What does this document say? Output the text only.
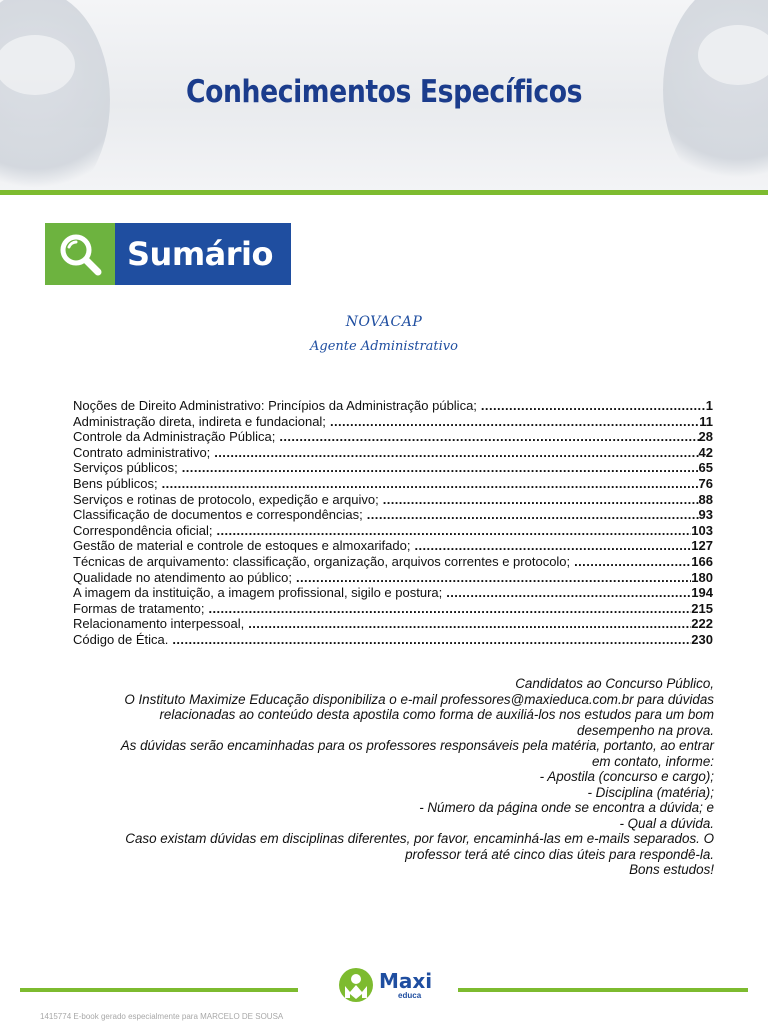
Conhecimentos Específicos
Sumário
NOVACAP
Agente Administrativo
Noções de Direito Administrativo: Princípios da Administração pública; .....	1
Administração direta, indireta e fundacional; .....	11
Controle da Administração Pública; .....	28
Contrato administrativo; .....	42
Serviços públicos; .....	65
Bens públicos; .....	76
Serviços e rotinas de protocolo, expedição e arquivo; .....	88
Classificação de documentos e correspondências; .....	93
Correspondência oficial; .....	103
Gestão de material e controle de estoques e almoxarifado; .....	127
Técnicas de arquivamento: classificação, organização, arquivos correntes e protocolo; .....	166
Qualidade no atendimento ao público; .....	180
A imagem da instituição, a imagem profissional, sigilo e postura; .....	194
Formas de tratamento; .....	215
Relacionamento interpessoal, .....	222
Código de Ética. .....	230

Candidatos ao Concurso Público,

O Instituto Maximize Educação disponibiliza o e-mail professores@maxieduca.com.br para dúvidas

relacionadas ao conteúdo desta apostila como forma de auxiliá-los nos estudos para um bom

desempenho na prova.

As dúvidas serão encaminhadas para os professores responsáveis pela matéria, portanto, ao entrar

em contato, informe:

- Apostila (concurso e cargo);

- Disciplina (matéria);

- Número da página onde se encontra a dúvida; e

- Qual a dúvida.

Caso existam dúvidas em disciplinas diferentes, por favor, encaminhá-las em e-mails separados. O

professor terá até cinco dias úteis para respondê-la.

Bons estudos!

Maxi
educa
1415774 E-book gerado especialmente para MARCELO DE SOUSA
